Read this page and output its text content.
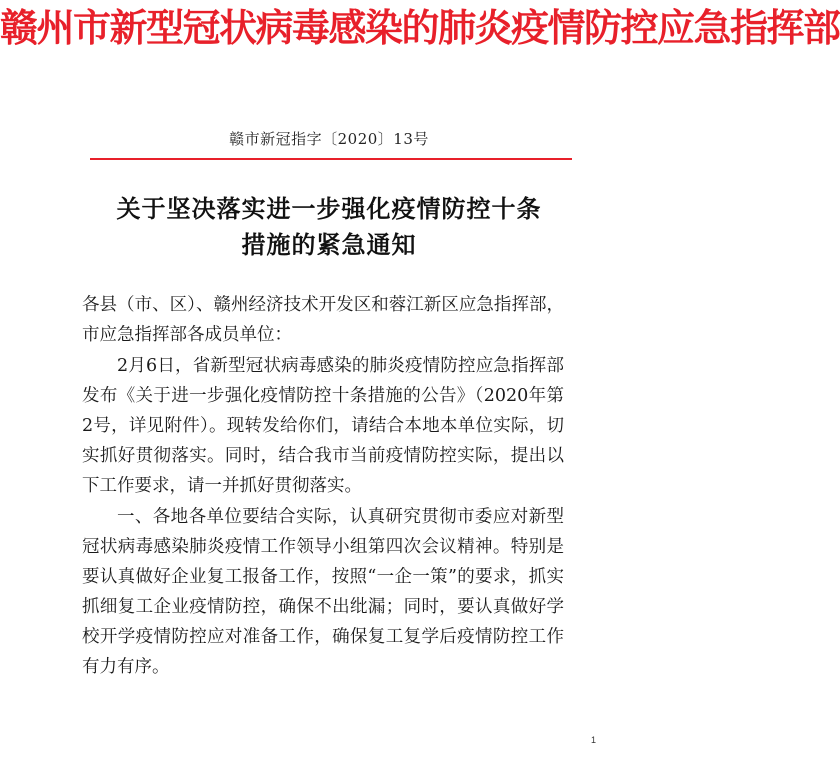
赣州市新型冠状病毒感染的肺炎疫情防控应急指挥部
赣市新冠指字〔2020〕13号
关于坚决落实进一步强化疫情防控十条
措施的紧急通知

各县（市、区）、赣州经济技术开发区和蓉江新区应急指挥部，市应急指挥部各成员单位：

2月6日，省新型冠状病毒感染的肺炎疫情防控应急指挥部发布《关于进一步强化疫情防控十条措施的公告》（2020年第2号，详见附件）。现转发给你们，请结合本地本单位实际，切实抓好贯彻落实。同时，结合我市当前疫情防控实际，提出以下工作要求，请一并抓好贯彻落实。

一、各地各单位要结合实际，认真研究贯彻市委应对新型冠状病毒感染肺炎疫情工作领导小组第四次会议精神。特别是要认真做好企业复工报备工作，按照“一企一策”的要求，抓实抓细复工企业疫情防控，确保不出纰漏；同时，要认真做好学校开学疫情防控应对准备工作，确保复工复学后疫情防控工作有力有序。

1
